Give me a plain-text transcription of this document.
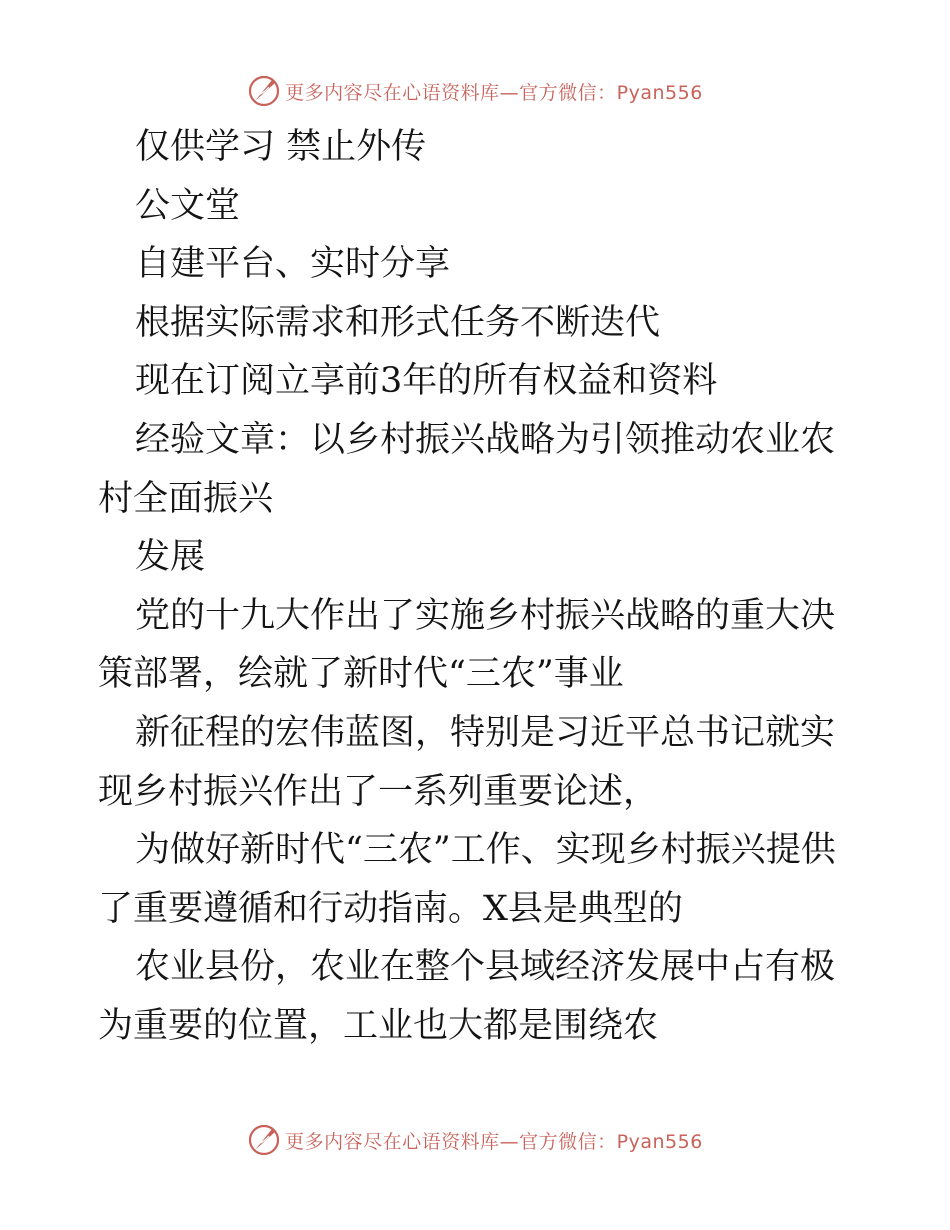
更多内容尽在心语资料库—官方微信：Pyan556

仅供学习 禁止外传

公文堂

自建平台、实时分享

根据实际需求和形式任务不断迭代

现在订阅立享前3年的所有权益和资料

经验文章：以乡村振兴战略为引领推动农业农村全面振兴

发展

党的十九大作出了实施乡村振兴战略的重大决策部署，绘就了新时代“三农”事业

新征程的宏伟蓝图，特别是习近平总书记就实现乡村振兴作出了一系列重要论述，

为做好新时代“三农”工作、实现乡村振兴提供了重要遵循和行动指南。X县是典型的

农业县份，农业在整个县域经济发展中占有极为重要的位置，工业也大都是围绕农

更多内容尽在心语资料库—官方微信：Pyan556
